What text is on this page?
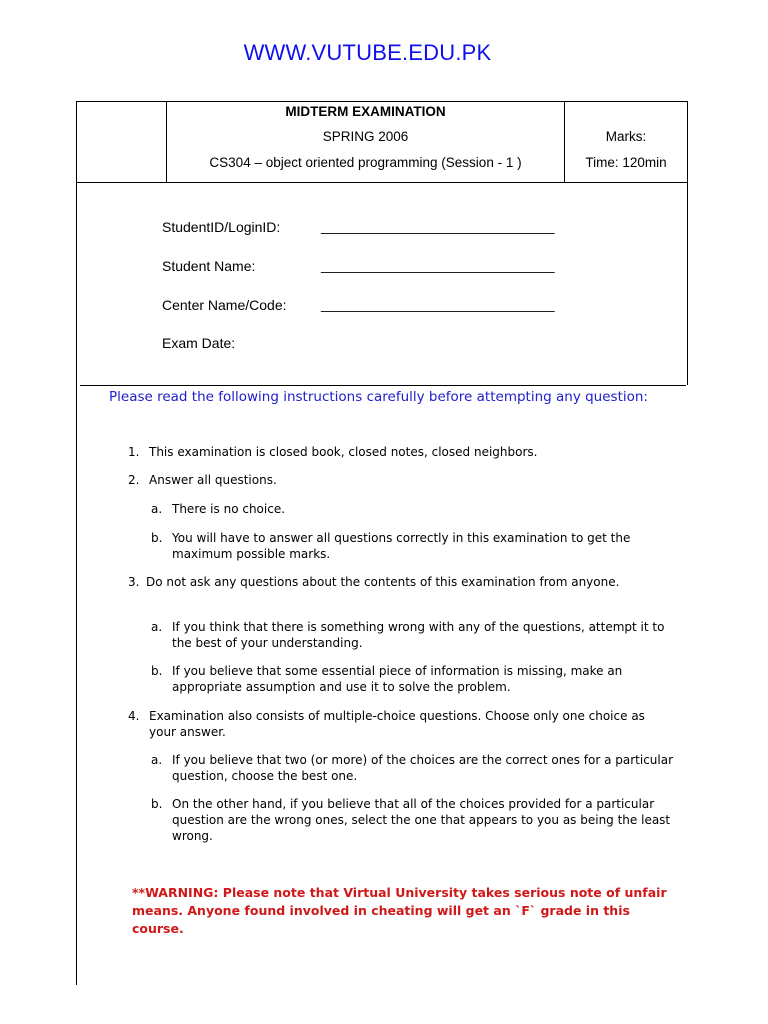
WWW.VUTUBE.EDU.PK
MIDTERM EXAMINATION
SPRING 2006
CS304 – object oriented programming (Session - 1 )
Marks:
Time: 120min
StudentID/LoginID:	______________________________
Student Name:	______________________________
Center Name/Code: ______________________________
Exam Date:
Please read the following instructions carefully before attempting any question:
1. This examination is closed book, closed notes, closed neighbors.
2. Answer all questions.
a. There is no choice.
b. You will have to answer all questions correctly in this examination to get the maximum possible marks.
3. Do not ask any questions about the contents of this examination from anyone.
a. If you think that there is something wrong with any of the questions, attempt it to the best of your understanding.
b. If you believe that some essential piece of information is missing, make an appropriate assumption and use it to solve the problem.
4. Examination also consists of multiple-choice questions. Choose only one choice as your answer.
a. If you believe that two (or more) of the choices are the correct ones for a particular question, choose the best one.
b. On the other hand, if you believe that all of the choices provided for a particular question are the wrong ones, select the one that appears to you as being the least wrong.
**WARNING: Please note that Virtual University takes serious note of unfair means. Anyone found involved in cheating will get an `F` grade in this course.
